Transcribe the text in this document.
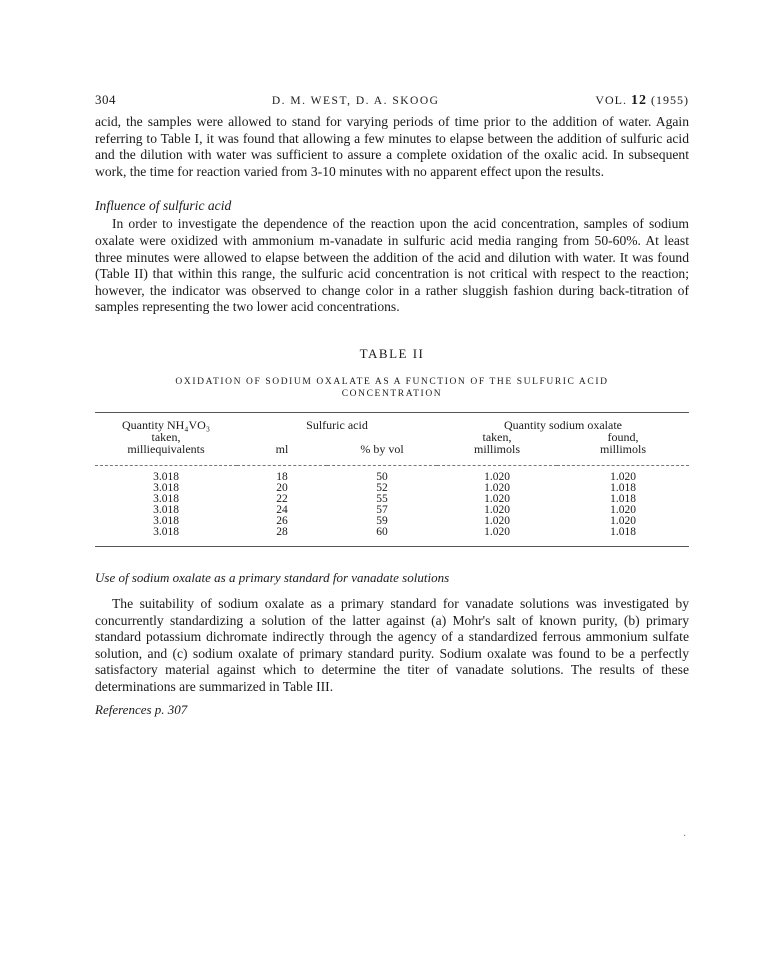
304	D. M. WEST, D. A. SKOOG	VOL. 12 (1955)

acid, the samples were allowed to stand for varying periods of time prior to the addition of water. Again referring to Table I, it was found that allowing a few minutes to elapse between the addition of sulfuric acid and the dilution with water was sufficient to assure a complete oxidation of the oxalic acid. In subsequent work, the time for reaction varied from 3-10 minutes with no apparent effect upon the results.

Influence of sulfuric acid

In order to investigate the dependence of the reaction upon the acid concentration, samples of sodium oxalate were oxidized with ammonium m-vanadate in sulfuric acid media ranging from 50-60%. At least three minutes were allowed to elapse between the addition of the acid and dilution with water. It was found (Table II) that within this range, the sulfuric acid concentration is not critical with respect to the reaction; however, the indicator was observed to change color in a rather sluggish fashion during back-titration of samples representing the two lower acid concentrations.

TABLE II
OXIDATION OF SODIUM OXALATE AS A FUNCTION OF THE SULFURIC ACID
CONCENTRATION

Quantity NH₄VO₃	Sulfuric acid		Quantity sodium oxalate	
taken,			taken,	found,
milliequivalents	ml	% by vol	millimols	millimols

3.018	18	50	1.020	1.020
3.018	20	52	1.020	1.018
3.018	22	55	1.020	1.018
3.018	24	57	1.020	1.020
3.018	26	59	1.020	1.020
3.018	28	60	1.020	1.018

Use of sodium oxalate as a primary standard for vanadate solutions

The suitability of sodium oxalate as a primary standard for vanadate solutions was investigated by concurrently standardizing a solution of the latter against (a) Mohr's salt of known purity, (b) primary standard potassium dichromate indirectly through the agency of a standardized ferrous ammonium sulfate solution, and (c) sodium oxalate of primary standard purity. Sodium oxalate was found to be a perfectly satisfactory material against which to determine the titer of vanadate solutions. The results of these determinations are summarized in Table III.

References p. 307
·
